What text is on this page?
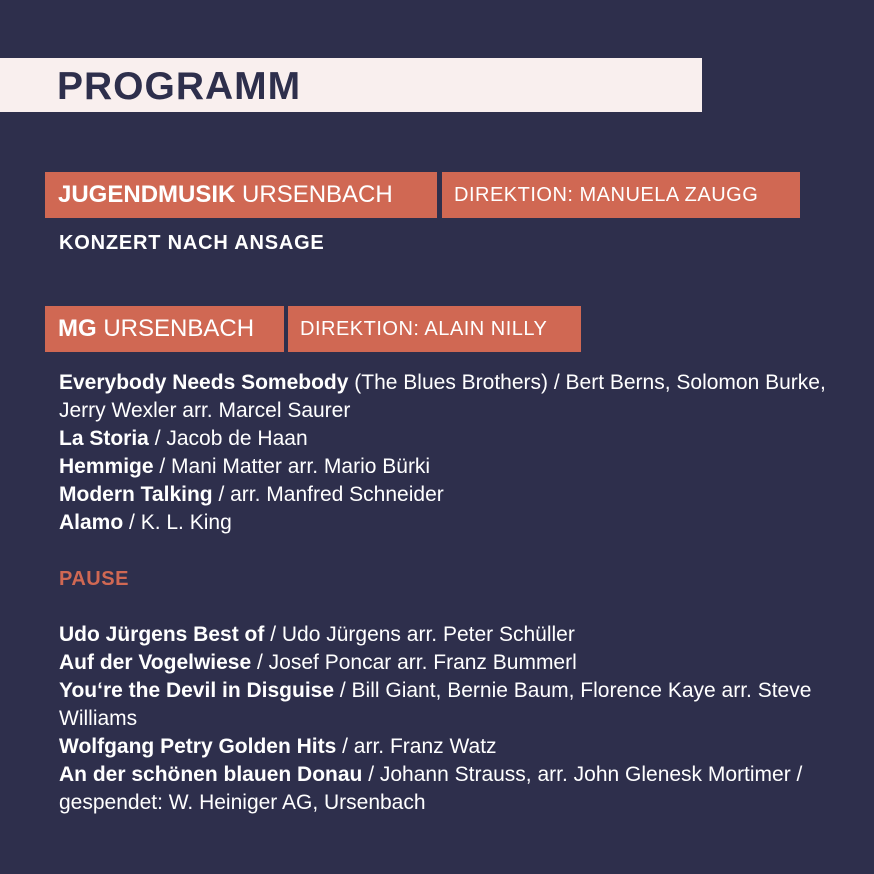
PROGRAMM
JUGENDMUSIK URSENBACH	DIREKTION: MANUELA ZAUGG
KONZERT NACH ANSAGE
MG URSENBACH	DIREKTION: ALAIN NILLY

Everybody Needs Somebody (The Blues Brothers) / Bert Berns, Solomon Burke, Jerry Wexler arr. Marcel Saurer

La Storia / Jacob de Haan

Hemmige / Mani Matter arr. Mario Bürki

Modern Talking / arr. Manfred Schneider

Alamo / K. L. King

PAUSE

Udo Jürgens Best of / Udo Jürgens arr. Peter Schüller

Auf der Vogelwiese / Josef Poncar arr. Franz Bummerl

You‘re the Devil in Disguise / Bill Giant, Bernie Baum, Florence Kaye arr. Steve Williams

Wolfgang Petry Golden Hits / arr. Franz Watz

An der schönen blauen Donau / Johann Strauss, arr. John Glenesk Mortimer / gespendet: W. Heiniger AG, Ursenbach
